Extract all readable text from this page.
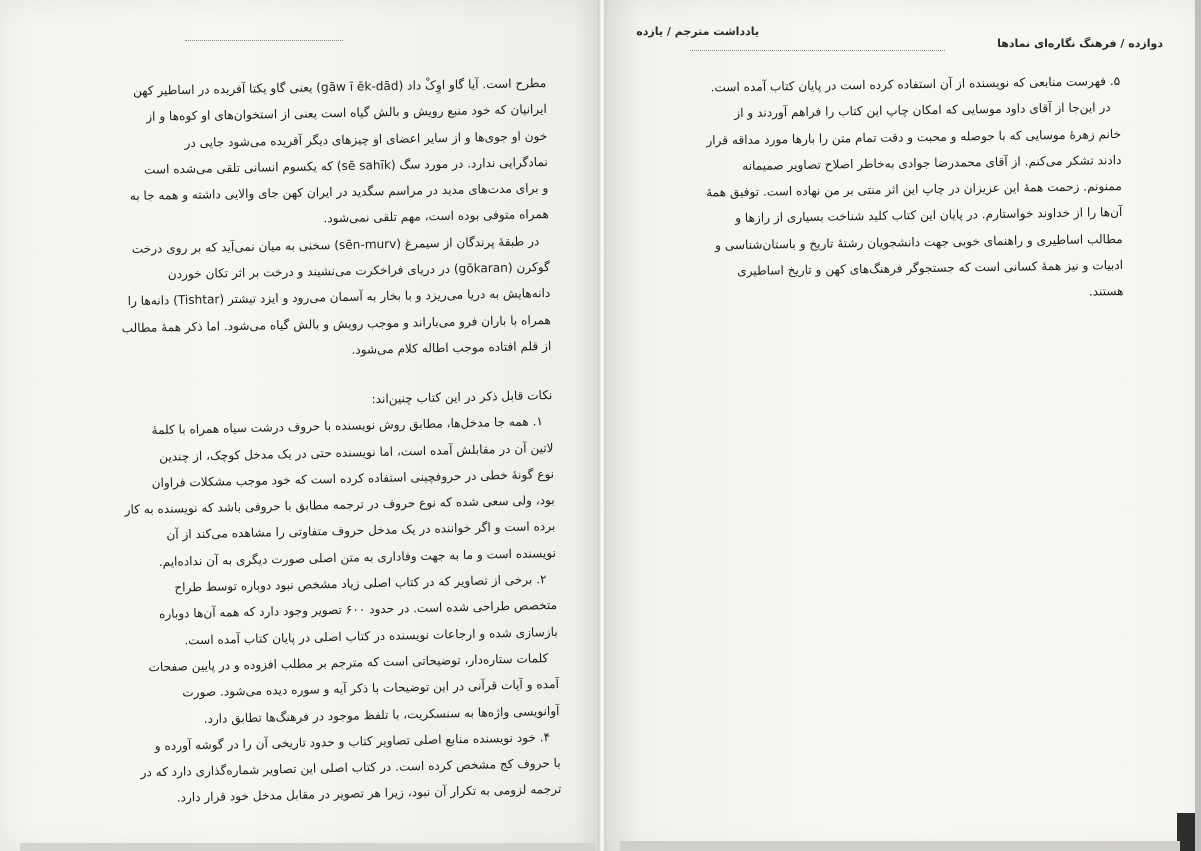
یادداشت مترجم / یازده
دوازده / فرهنگ نگاره‌ای نمادها

مطرح است. آیا گاو اوِکْ داد (gāw ī ēk-dād) یعنی گاو یکتا آفریده در اساطیر کهن

ایرانیان که خود منبع رویش و بالش گیاه است یعنی از استخوان‌های او کوه‌ها و از

خون او جوی‌ها و از سایر اعضای او چیزهای دیگر آفریده می‌شود جایی در

نمادگرایی ندارد. در مورد سگ (sē sahīk) که یکسوم انسانی تلقی می‌شده است

و برای مدت‌های مدید در مراسم سگدید در ایران کهن جای والایی داشته و همه جا به

همراه متوفی بوده است، مهم تلقی نمی‌شود.

در طبقهٔ پرندگان از سیمرغ (sēn-murv) سخنی به میان نمی‌آید که بر روی درخت

گوکرن (gōkaran) در دریای فراخکرت می‌نشیند و درخت بر اثر تکان خوردن

دانه‌هایش به دریا می‌ریزد و با بخار به آسمان می‌رود و ایزد تیشتر (Tishtar) دانه‌ها را

همراه با باران فرو می‌باراند و موجب رویش و بالش گیاه می‌شود. اما ذکر همهٔ مطالب

از قلم افتاده موجب اطاله کلام می‌شود.

نکات قابل ذکر در این کتاب چنین‌اند:

۱. همه جا مدخل‌ها، مطابق روش نویسنده با حروف درشت سیاه همراه با کلمهٔ

لاتین آن در مقابلش آمده است، اما نویسنده حتی در یک مدخل کوچک، از چندین

نوع گونهٔ خطی در حروفچینی استفاده کرده است که خود موجب مشکلات فراوان

بود، ولی سعی شده که نوع حروف در ترجمه مطابق با حروفی باشد که نویسنده به کار

برده است و اگر خواننده در یک مدخل حروف متفاوتی را مشاهده می‌کند از آن

نویسنده است و ما به جهت وفاداری به متن اصلی صورت دیگری به آن نداده‌ایم.

۲. برخی از تصاویر که در کتاب اصلی زیاد مشخص نبود دوباره توسط طراح

متخصص طراحی شده است. در حدود ۶۰۰ تصویر وجود دارد که همه آن‌ها دوباره

بازسازی شده و ارجاعات نویسنده در کتاب اصلی در پایان کتاب آمده است.

کلمات ستاره‌دار، توضیحاتی است که مترجم بر مطلب افزوده و در پایین صفحات

آمده و آیات قرآنی در این توضیحات با ذکر آیه و سوره دیده می‌شود. صورت

آوانویسی واژه‌ها به سنسکریت، با تلفظ موجود در فرهنگ‌ها تطابق دارد.

۴. خود نویسنده منابع اصلی تصاویر کتاب و حدود تاریخی آن را در گوشه آورده و

با حروف کج مشخص کرده است. در کتاب اصلی این تصاویر شماره‌گذاری دارد که در

ترجمه لزومی به تکرار آن نبود، زیرا هر تصویر در مقابل مدخل خود قرار دارد.

۵. فهرست منابعی که نویسنده از آن استفاده کرده است در پایان کتاب آمده است.

در این‌جا از آقای داود موسایی که امکان چاپ این کتاب را فراهم آوردند و از

خانم زهرهٔ موسایی که با حوصله و محبت و دقت تمام متن را بارها مورد مداقه قرار

دادند تشکر می‌کنم. از آقای محمدرضا جوادی به‌خاطر اصلاح تصاویر صمیمانه

ممنونم. زحمت همهٔ این عزیزان در چاپ این اثر منتی بر من نهاده است. توفیق همهٔ

آن‌ها را از خداوند خواستارم. در پایان این کتاب کلید شناخت بسیاری از رازها و

مطالب اساطیری و راهنمای خوبی جهت دانشجویان رشتهٔ تاریخ و باستان‌شناسی و

ادبیات و نیز همهٔ کسانی است که جستجوگر فرهنگ‌های کهن و تاریخ اساطیری

هستند.
